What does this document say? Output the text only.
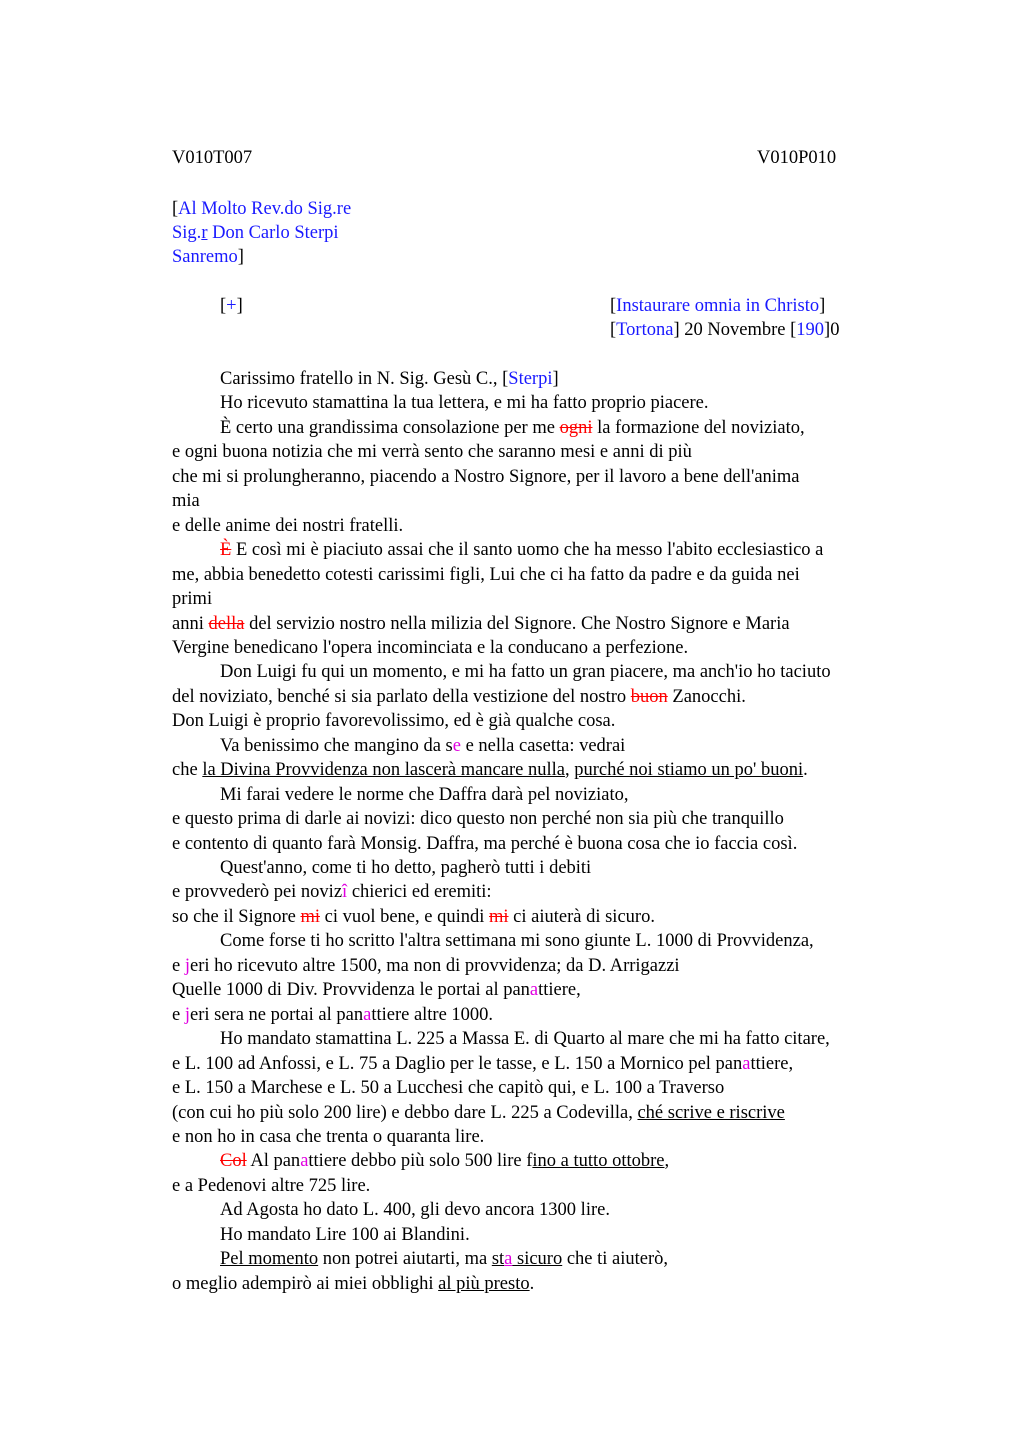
V010T007	V010P010
[Al Molto Rev.do Sig.re
Sig.r Don Carlo Sterpi
Sanremo]
[+]	[Instaurare omnia in Christo]
[Tortona] 20 Novembre [190]0
Carissimo fratello in N. Sig. Gesù C., [Sterpi]
Ho ricevuto stamattina la tua lettera, e mi ha fatto proprio piacere.
È certo una grandissima consolazione per me ogni la formazione del noviziato,
e ogni buona notizia che mi verrà sento che saranno mesi e anni di più
che mi si prolungheranno, piacendo a Nostro Signore, per il lavoro a bene dell'anima
mia
e delle anime dei nostri fratelli.
È E così mi è piaciuto assai che il santo uomo che ha messo l'abito ecclesiastico a
me, abbia benedetto cotesti carissimi figli, Lui che ci ha fatto da padre e da guida nei
primi
anni della del servizio nostro nella milizia del Signore. Che Nostro Signore e Maria
Vergine benedicano l'opera incominciata e la conducano a perfezione.
Don Luigi fu qui un momento, e mi ha fatto un gran piacere, ma anch'io ho taciuto
del noviziato, benché si sia parlato della vestizione del nostro buon Zanocchi.
Don Luigi è proprio favorevolissimo, ed è già qualche cosa.
Va benissimo che mangino da se e nella casetta: vedrai
che la Divina Provvidenza non lascerà mancare nulla, purché noi stiamo un po' buoni.
Mi farai vedere le norme che Daffra darà pel noviziato,
e questo prima di darle ai novizi: dico questo non perché non sia più che tranquillo
e contento di quanto farà Monsig. Daffra, ma perché è buona cosa che io faccia così.
Quest'anno, come ti ho detto, pagherò tutti i debiti
e provvederò pei novizî chierici ed eremiti:
so che il Signore mi ci vuol bene, e quindi mi ci aiuterà di sicuro.
Come forse ti ho scritto l'altra settimana mi sono giunte L. 1000 di Provvidenza,
e jeri ho ricevuto altre 1500, ma non di provvidenza; da D. Arrigazzi
Quelle 1000 di Div. Provvidenza le portai al panattiere,
e jeri sera ne portai al panattiere altre 1000.
Ho mandato stamattina L. 225 a Massa E. di Quarto al mare che mi ha fatto citare,
e L. 100 ad Anfossi, e L. 75 a Daglio per le tasse, e L. 150 a Mornico pel panattiere,
e L. 150 a Marchese e L. 50 a Lucchesi che capitò qui, e L. 100 a Traverso
(con cui ho più solo 200 lire) e debbo dare L. 225 a Codevilla, ché scrive e riscrive
e non ho in casa che trenta o quaranta lire.
Col Al panattiere debbo più solo 500 lire fino a tutto ottobre,
e a Pedenovi altre 725 lire.
Ad Agosta ho dato L. 400, gli devo ancora 1300 lire.
Ho mandato Lire 100 ai Blandini.
Pel momento non potrei aiutarti, ma sta sicuro che ti aiuterò,
o meglio adempirò ai miei obblighi al più presto.
